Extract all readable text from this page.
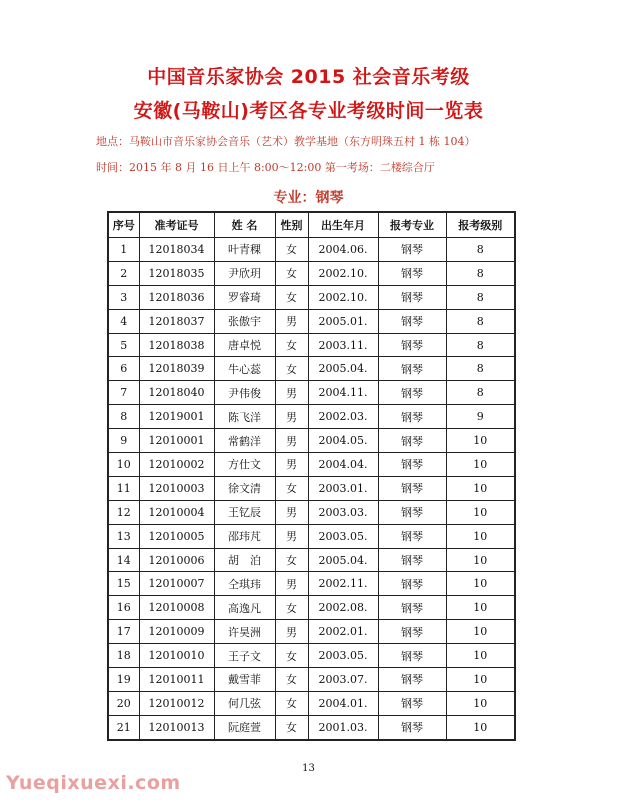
中国音乐家协会 2015 社会音乐考级
安徽(马鞍山)考区各专业考级时间一览表
地点：马鞍山市音乐家协会音乐（艺术）教学基地（东方明珠五村 1 栋 104）
时间：2015 年 8 月 16 日上午 8:00～12:00 第一考场：二楼综合厅
专业：钢琴
序号	准考证号	姓 名	性别	出生年月	报考专业	报考级别
1	12018034	叶青稞	女	2004.06.	钢琴	8
2	12018035	尹欣玥	女	2002.10.	钢琴	8
3	12018036	罗睿琦	女	2002.10.	钢琴	8
4	12018037	张傲宇	男	2005.01.	钢琴	8
5	12018038	唐卓悦	女	2003.11.	钢琴	8
6	12018039	牛心蕊	女	2005.04.	钢琴	8
7	12018040	尹伟俊	男	2004.11.	钢琴	8
8	12019001	陈飞洋	男	2002.03.	钢琴	9
9	12010001	常鹤洋	男	2004.05.	钢琴	10
10	12010002	方仕文	男	2004.04.	钢琴	10
11	12010003	徐文清	女	2003.01.	钢琴	10
12	12010004	王钇辰	男	2003.03.	钢琴	10
13	12010005	邵玮芃	男	2003.05.	钢琴	10
14	12010006	胡　泊	女	2005.04.	钢琴	10
15	12010007	仝琪玮	男	2002.11.	钢琴	10
16	12010008	高逸凡	女	2002.08.	钢琴	10
17	12010009	许昊洲	男	2002.01.	钢琴	10
18	12010010	王子文	女	2003.05.	钢琴	10
19	12010011	戴雪菲	女	2003.07.	钢琴	10
20	12010012	何几弦	女	2004.01.	钢琴	10
21	12010013	阮庭萱	女	2001.03.	钢琴	10
13
Yueqixuexi.com
